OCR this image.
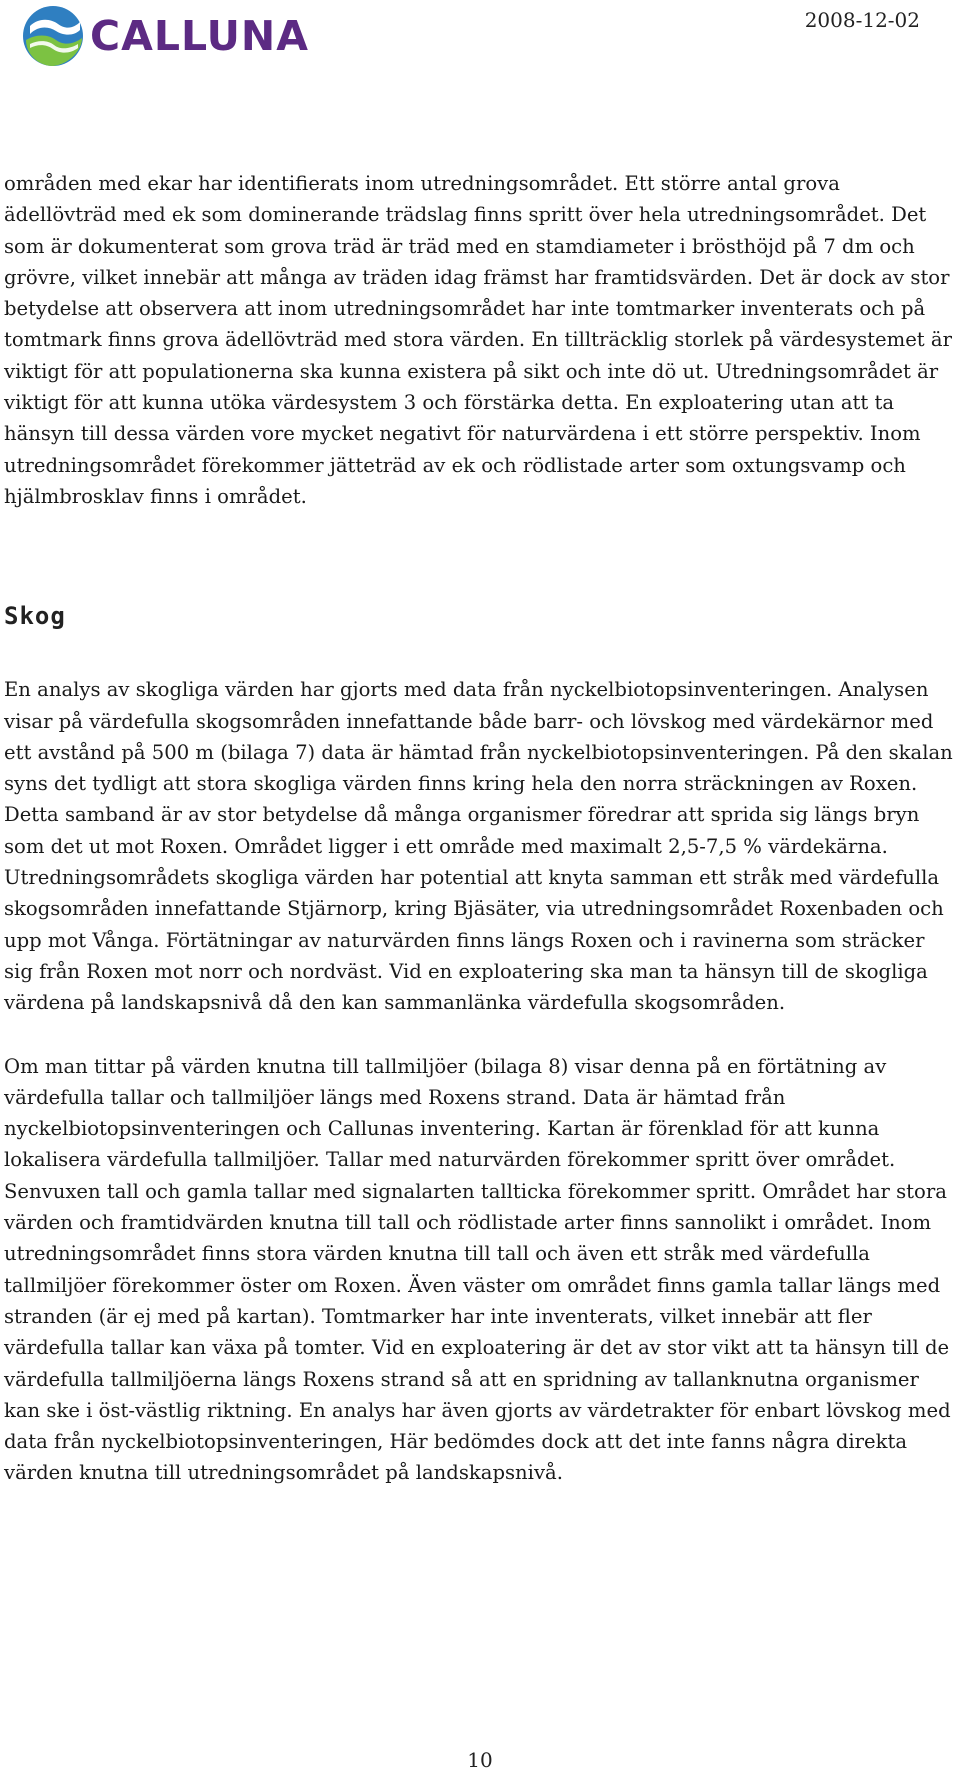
CALLUNA	2008-12-02

områden med ekar har identifierats inom utredningsområdet. Ett större antal grova ädellövträd med ek som dominerande trädslag finns spritt över hela utredningsområdet. Det som är dokumenterat som grova träd är träd med en stamdiameter i brösthöjd på 7 dm och grövre, vilket innebär att många av träden idag främst har framtidsvärden. Det är dock av stor betydelse att observera att inom utredningsområdet har inte tomtmarker inventerats och på tomtmark finns grova ädellövträd med stora värden. En tillträcklig storlek på värdesystemet är viktigt för att populationerna ska kunna existera på sikt och inte dö ut. Utredningsområdet är viktigt för att kunna utöka värdesystem 3 och förstärka detta. En exploatering utan att ta hänsyn till dessa värden vore mycket negativt för naturvärdena i ett större perspektiv. Inom utredningsområdet förekommer jätteträd av ek och rödlistade arter som oxtungsvamp och hjälmbrosklav finns i området.

Skog

En analys av skogliga värden har gjorts med data från nyckelbiotopsinventeringen. Analysen visar på värdefulla skogsområden innefattande både barr- och lövskog med värdekärnor med ett avstånd på 500 m (bilaga 7) data är hämtad från nyckelbiotopsinventeringen. På den skalan syns det tydligt att stora skogliga värden finns kring hela den norra sträckningen av Roxen. Detta samband är av stor betydelse då många organismer föredrar att sprida sig längs bryn som det ut mot Roxen. Området ligger i ett område med maximalt 2,5-7,5 % värdekärna. Utredningsområdets skogliga värden har potential att knyta samman ett stråk med värdefulla skogsområden innefattande Stjärnorp, kring Bjäsäter, via utredningsområdet Roxenbaden och upp mot Vånga. Förtätningar av naturvärden finns längs Roxen och i ravinerna som sträcker sig från Roxen mot norr och nordväst. Vid en exploatering ska man ta hänsyn till de skogliga värdena på landskapsnivå då den kan sammanlänka värdefulla skogsområden.

Om man tittar på värden knutna till tallmiljöer (bilaga 8) visar denna på en förtätning av värdefulla tallar och tallmiljöer längs med Roxens strand. Data är hämtad från nyckelbiotopsinventeringen och Callunas inventering. Kartan är förenklad för att kunna lokalisera värdefulla tallmiljöer. Tallar med naturvärden förekommer spritt över området. Senvuxen tall och gamla tallar med signalarten tallticka förekommer spritt. Området har stora värden och framtidvärden knutna till tall och rödlistade arter finns sannolikt i området. Inom utredningsområdet finns stora värden knutna till tall och även ett stråk med värdefulla tallmiljöer förekommer öster om Roxen. Även väster om området finns gamla tallar längs med stranden (är ej med på kartan). Tomtmarker har inte inventerats, vilket innebär att fler värdefulla tallar kan växa på tomter. Vid en exploatering är det av stor vikt att ta hänsyn till de värdefulla tallmiljöerna längs Roxens strand så att en spridning av tallanknutna organismer kan ske i öst-västlig riktning. En analys har även gjorts av värdetrakter för enbart lövskog med data från nyckelbiotopsinventeringen, Här bedömdes dock att det inte fanns några direkta värden knutna till utredningsområdet på landskapsnivå.

10
